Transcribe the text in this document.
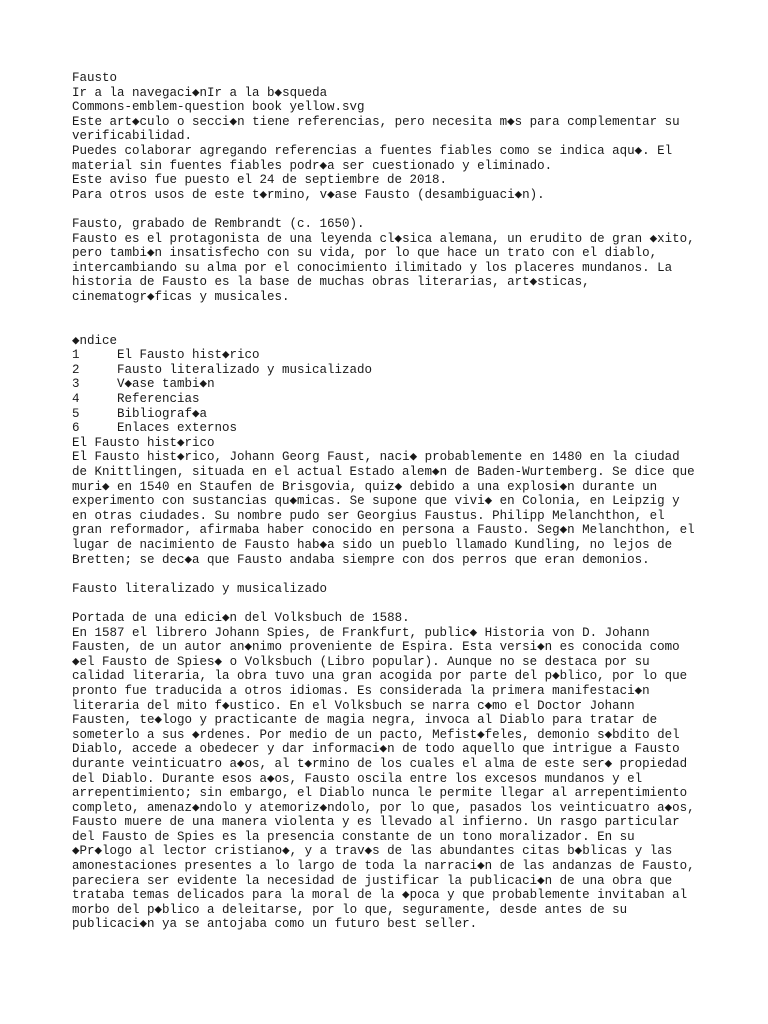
Fausto
Ir a la navegaci◆nIr a la b◆squeda
Commons-emblem-question book yellow.svg
Este art◆culo o secci◆n tiene referencias, pero necesita m◆s para complementar su
verificabilidad.
Puedes colaborar agregando referencias a fuentes fiables como se indica aqu◆. El
material sin fuentes fiables podr◆a ser cuestionado y eliminado.
Este aviso fue puesto el 24 de septiembre de 2018.
Para otros usos de este t◆rmino, v◆ase Fausto (desambiguaci◆n).
Fausto, grabado de Rembrandt (c. 1650).
Fausto es el protagonista de una leyenda cl◆sica alemana, un erudito de gran ◆xito,
pero tambi◆n insatisfecho con su vida, por lo que hace un trato con el diablo,
intercambiando su alma por el conocimiento ilimitado y los placeres mundanos. La
historia de Fausto es la base de muchas obras literarias, art◆sticas,
cinematogr◆ficas y musicales.
◆ndice
1     El Fausto hist◆rico
2     Fausto literalizado y musicalizado
3     V◆ase tambi◆n
4     Referencias
5     Bibliograf◆a
6     Enlaces externos
El Fausto hist◆rico
El Fausto hist◆rico, Johann Georg Faust, naci◆ probablemente en 1480 en la ciudad
de Knittlingen, situada en el actual Estado alem◆n de Baden-Wurtemberg. Se dice que
muri◆ en 1540 en Staufen de Brisgovia, quiz◆ debido a una explosi◆n durante un
experimento con sustancias qu◆micas. Se supone que vivi◆ en Colonia, en Leipzig y
en otras ciudades. Su nombre pudo ser Georgius Faustus. Philipp Melanchthon, el
gran reformador, afirmaba haber conocido en persona a Fausto. Seg◆n Melanchthon, el
lugar de nacimiento de Fausto hab◆a sido un pueblo llamado Kundling, no lejos de
Bretten; se dec◆a que Fausto andaba siempre con dos perros que eran demonios.
Fausto literalizado y musicalizado
Portada de una edici◆n del Volksbuch de 1588.
En 1587 el librero Johann Spies, de Frankfurt, public◆ Historia von D. Johann
Fausten, de un autor an◆nimo proveniente de Espira. Esta versi◆n es conocida como
◆el Fausto de Spies◆ o Volksbuch (Libro popular). Aunque no se destaca por su
calidad literaria, la obra tuvo una gran acogida por parte del p◆blico, por lo que
pronto fue traducida a otros idiomas. Es considerada la primera manifestaci◆n
literaria del mito f◆ustico. En el Volksbuch se narra c◆mo el Doctor Johann
Fausten, te◆logo y practicante de magia negra, invoca al Diablo para tratar de
someterlo a sus ◆rdenes. Por medio de un pacto, Mefist◆feles, demonio s◆bdito del
Diablo, accede a obedecer y dar informaci◆n de todo aquello que intrigue a Fausto
durante veinticuatro a◆os, al t◆rmino de los cuales el alma de este ser◆ propiedad
del Diablo. Durante esos a◆os, Fausto oscila entre los excesos mundanos y el
arrepentimiento; sin embargo, el Diablo nunca le permite llegar al arrepentimiento
completo, amenaz◆ndolo y atemoriz◆ndolo, por lo que, pasados los veinticuatro a◆os,
Fausto muere de una manera violenta y es llevado al infierno. Un rasgo particular
del Fausto de Spies es la presencia constante de un tono moralizador. En su
◆Pr◆logo al lector cristiano◆, y a trav◆s de las abundantes citas b◆blicas y las
amonestaciones presentes a lo largo de toda la narraci◆n de las andanzas de Fausto,
pareciera ser evidente la necesidad de justificar la publicaci◆n de una obra que
trataba temas delicados para la moral de la ◆poca y que probablemente invitaban al
morbo del p◆blico a deleitarse, por lo que, seguramente, desde antes de su
publicaci◆n ya se antojaba como un futuro best seller.
